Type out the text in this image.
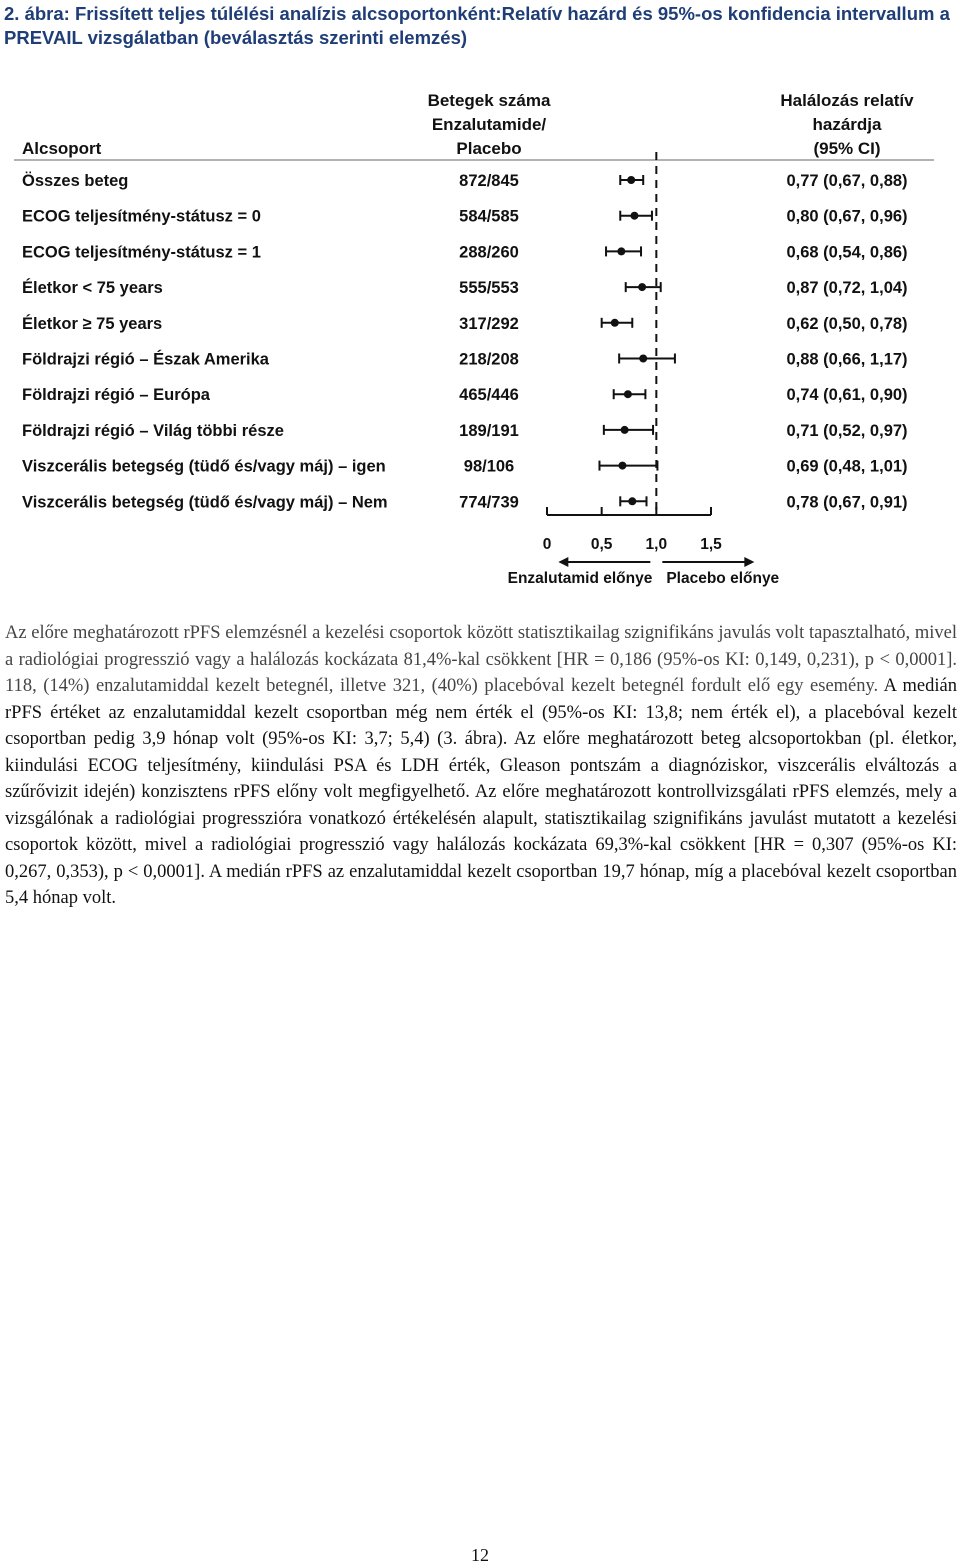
2. ábra: Frissített teljes túlélési analízis alcsoportonként:Relatív hazárd és 95%-os konfidencia intervallum a PREVAIL vizsgálatban (beválasztás szerinti elemzés)
Alcsoport
Betegek száma
Enzalutamide/
Placebo
Halálozás relatív
hazárdja
(95% CI)
Összes beteg	872/845	0,77 (0,67, 0,88)
ECOG teljesítmény-státusz = 0	584/585	0,80 (0,67, 0,96)
ECOG teljesítmény-státusz = 1	288/260	0,68 (0,54, 0,86)
Életkor < 75 years	555/553	0,87 (0,72, 1,04)
Életkor ≥ 75 years	317/292	0,62 (0,50, 0,78)
Földrajzi régió – Észak Amerika	218/208	0,88 (0,66, 1,17)
Földrajzi régió – Európa	465/446	0,74 (0,61, 0,90)
Földrajzi régió – Világ többi része	189/191	0,71 (0,52, 0,97)
Viszcerális betegség (tüdő és/vagy máj) – igen	98/106	0,69 (0,48, 1,01)
Viszcerális betegség (tüdő és/vagy máj) – Nem	774/739	0,78 (0,67, 0,91)
0	0,5 1,0 1,5
Enzalutamid előnye Placebo előnye
Az előre meghatározott rPFS elemzésnél a kezelési csoportok között statisztikailag szignifikáns javulás volt tapasztalható, mivel a radiológiai progresszió vagy a halálozás kockázata 81,4%-kal csökkent [HR = 0,186 (95%-os KI: 0,149, 0,231), p < 0,0001]. 118, (14%) enzalutamiddal kezelt betegnél, illetve 321, (40%) placebóval kezelt betegnél fordult elő egy esemény. A medián rPFS értéket az enzalutamiddal kezelt csoportban még nem érték el (95%-os KI: 13,8; nem érték el), a placebóval kezelt csoportban pedig 3,9 hónap volt (95%-os KI: 3,7; 5,4) (3. ábra). Az előre meghatározott beteg alcsoportokban (pl. életkor, kiindulási ECOG teljesítmény, kiindulási PSA és LDH érték, Gleason pontszám a diagnóziskor, viszcerális elváltozás a szűrővizit idején) konzisztens rPFS előny volt megfigyelhető. Az előre meghatározott kontrollvizsgálati rPFS elemzés, mely a vizsgálónak a radiológiai progresszióra vonatkozó értékelésén alapult, statisztikailag szignifikáns javulást mutatott a kezelési csoportok között, mivel a radiológiai progresszió vagy halálozás kockázata 69,3%-kal csökkent [HR = 0,307 (95%-os KI: 0,267, 0,353), p < 0,0001]. A medián rPFS az enzalutamiddal kezelt csoportban 19,7 hónap, míg a placebóval kezelt csoportban 5,4 hónap volt.
12
